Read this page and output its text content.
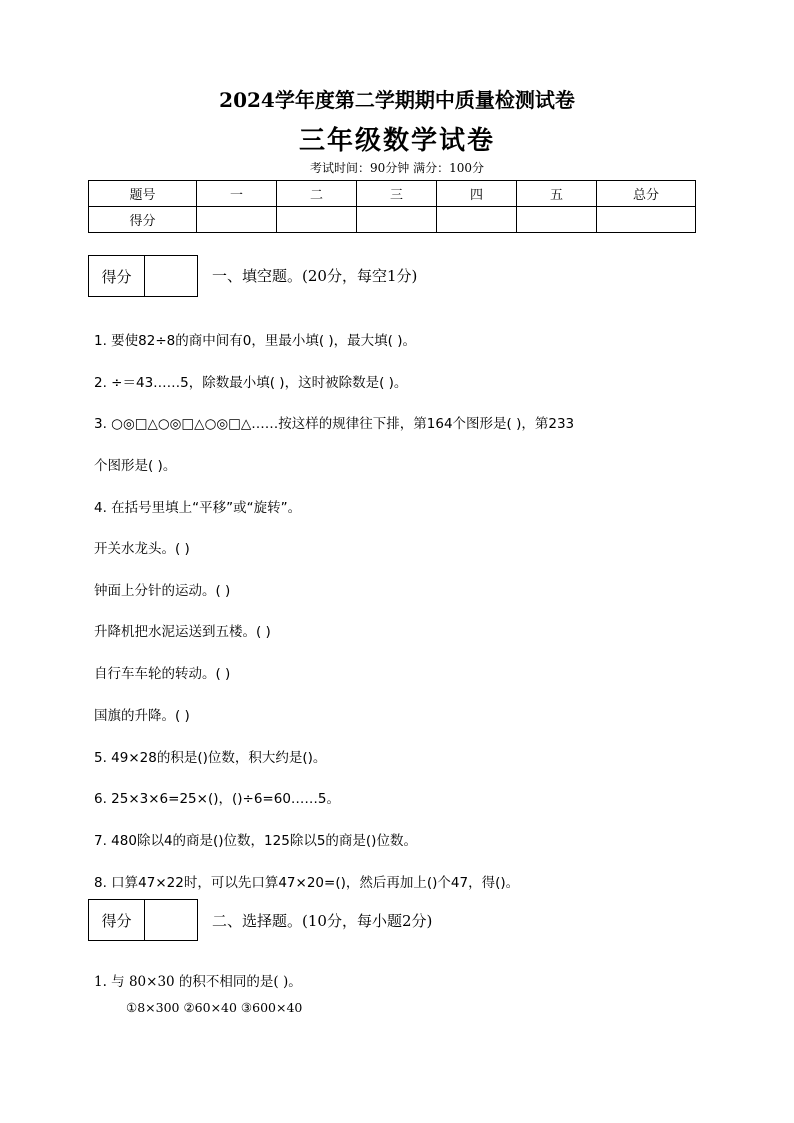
2024学年度第二学期期中质量检测试卷
三年级数学试卷
考试时间：90分钟 满分：100分
题号	一	二	三	四	五	总分
得分						
得分	一、填空题。(20分，每空1分)
1. 要使82÷8的商中间有0，里最小填( )，最大填( )。
2. ÷＝43……5，除数最小填( )，这时被除数是( )。
3. ○◎□△○◎□△○◎□△……按这样的规律往下排，第164个图形是( )，第233
个图形是( )。
4. 在括号里填上“平移”或“旋转”。
开关水龙头。( )
钟面上分针的运动。( )
升降机把水泥运送到五楼。( )
自行车车轮的转动。( )
国旗的升降。( )
5. 49×28的积是()位数，积大约是()。
6. 25×3×6=25×()，()÷6=60……5。
7. 480除以4的商是()位数，125除以5的商是()位数。
8. 口算47×22时，可以先口算47×20=()，然后再加上()个47，得()。
得分	二、选择题。(10分，每小题2分)
1. 与 80×30 的积不相同的是( )。
①8×300 ②60×40 ③600×40
